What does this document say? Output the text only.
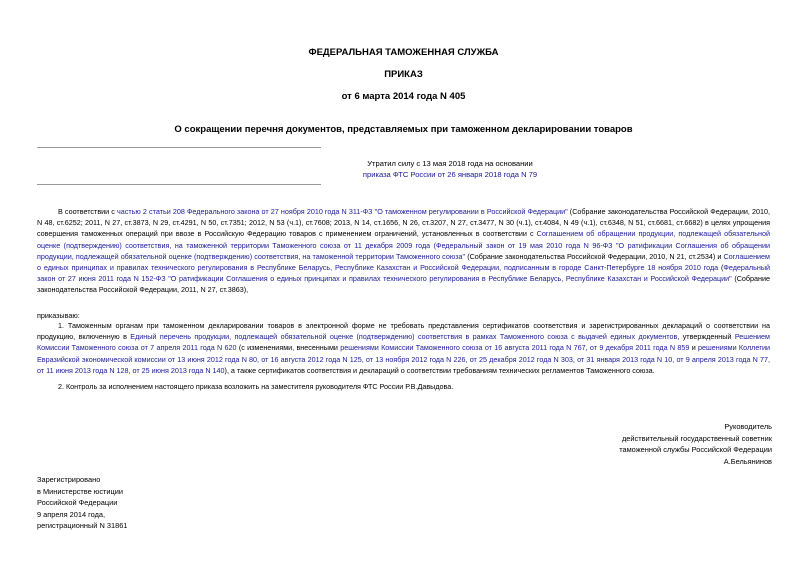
ФЕДЕРАЛЬНАЯ ТАМОЖЕННАЯ СЛУЖБА
ПРИКАЗ
от 6 марта 2014 года N 405
О сокращении перечня документов, представляемых при таможенном декларировании товаров
Утратил силу с 13 мая 2018 года на основании
приказа ФТС России от 26 января 2018 года N 79
В соответствии с частью 2 статьи 208 Федерального закона от 27 ноября 2010 года N 311-ФЗ "О таможенном регулировании в Российской Федерации" (Собрание законодательства Российской Федерации, 2010, N 48, ст.6252; 2011, N 27, ст.3873, N 29, ст.4291, N 50, ст.7351; 2012, N 53 (ч.1), ст.7608; 2013, N 14, ст.1656, N 26, ст.3207, N 27, ст.3477, N 30 (ч.1), ст.4084, N 49 (ч.1), ст.6348, N 51, ст.6681, ст.6682) в целях упрощения совершения таможенных операций при ввозе в Российскую Федерацию товаров с применением ограничений, установленных в соответствии с Соглашением об обращении продукции, подлежащей обязательной оценке (подтверждению) соответствия, на таможенной территории Таможенного союза от 11 декабря 2009 года (Федеральный закон от 19 мая 2010 года N 96-ФЗ "О ратификации Соглашения об обращении продукции, подлежащей обязательной оценке (подтверждению) соответствия, на таможенной территории Таможенного союза" (Собрание законодательства Российской Федерации, 2010, N 21, ст.2534) и Соглашением о единых принципах и правилах технического регулирования в Республике Беларусь, Республике Казахстан и Российской Федерации, подписанным в городе Санкт-Петербурге 18 ноября 2010 года (Федеральный закон от 27 июня 2011 года N 152-ФЗ "О ратификации Соглашения о единых принципах и правилах технического регулирования в Республике Беларусь, Республике Казахстан и Российской Федерации" (Собрание законодательства Российской Федерации, 2011, N 27, ст.3863),
приказываю:
1. Таможенным органам при таможенном декларировании товаров в электронной форме не требовать представления сертификатов соответствия и зарегистрированных деклараций о соответствии на продукцию, включенную в Единый перечень продукции, подлежащей обязательной оценке (подтверждению) соответствия в рамках Таможенного союза с выдачей единых документов, утвержденный Решением Комиссии Таможенного союза от 7 апреля 2011 года N 620 (с изменениями, внесенными решениями Комиссии Таможенного союза от 16 августа 2011 года N 767, от 9 декабря 2011 года N 859 и решениями Коллегии Евразийской экономической комиссии от 13 июня 2012 года N 80, от 16 августа 2012 года N 125, от 13 ноября 2012 года N 226, от 25 декабря 2012 года N 303, от 31 января 2013 года N 10, от 9 апреля 2013 года N 77, от 11 июня 2013 года N 128, от 25 июня 2013 года N 140), а также сертификатов соответствия и деклараций о соответствии требованиям технических регламентов Таможенного союза.
2. Контроль за исполнением настоящего приказа возложить на заместителя руководителя ФТС России Р.В.Давыдова.
Руководитель
действительный государственный советник
таможенной службы Российской Федерации
А.Бельянинов
Зарегистрировано
в Министерстве юстиции
Российской Федерации
9 апреля 2014 года,
регистрационный N 31861
